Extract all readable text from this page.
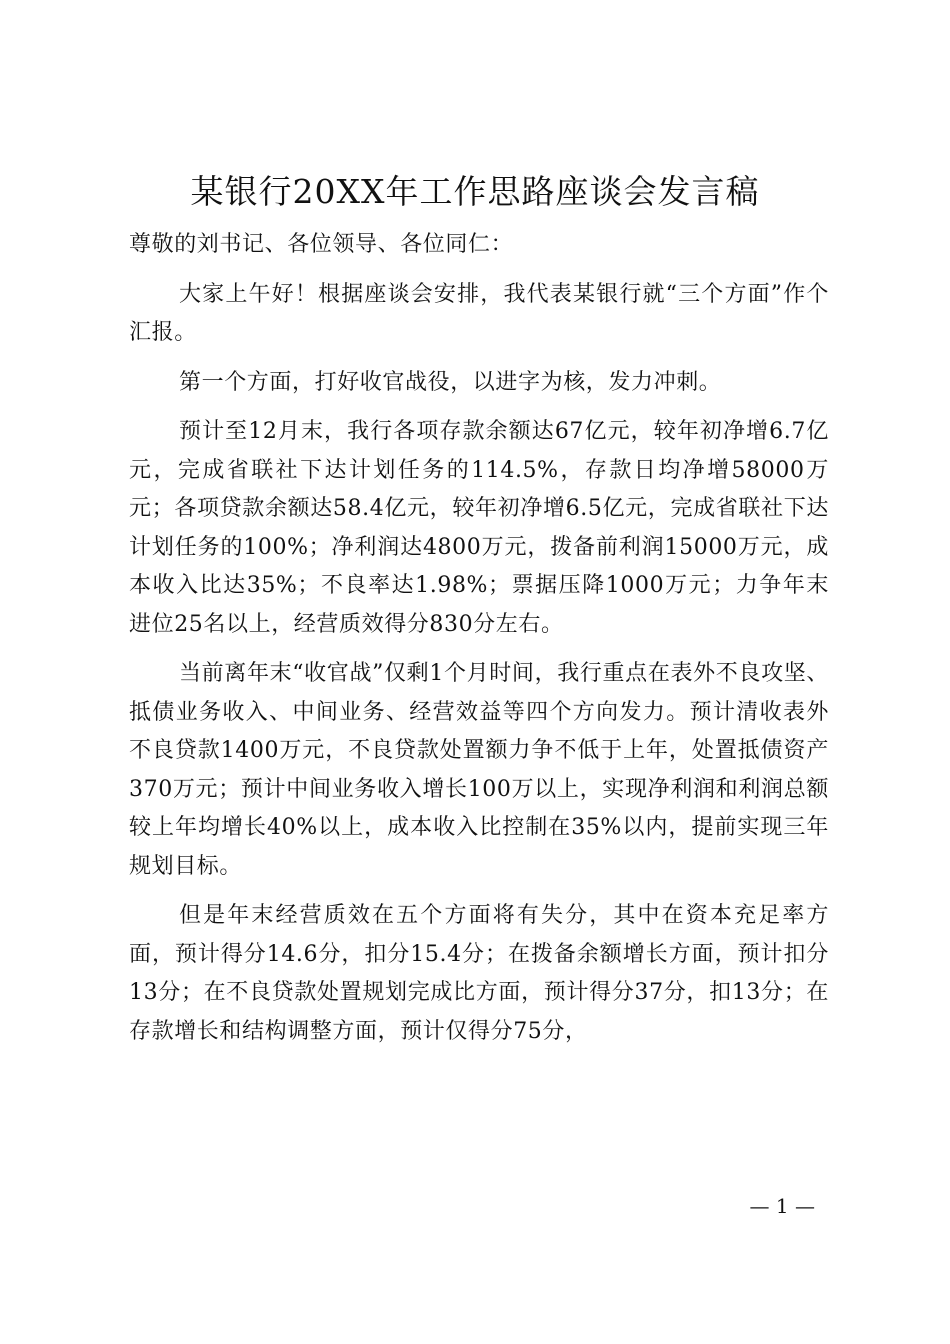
某银行20XX年工作思路座谈会发言稿

尊敬的刘书记、各位领导、各位同仁：

大家上午好！根据座谈会安排，我代表某银行就“三个方面”作个汇报。

第一个方面，打好收官战役，以进字为核，发力冲刺。

预计至12月末，我行各项存款余额达67亿元，较年初净增6.7亿元，完成省联社下达计划任务的114.5%，存款日均净增58000万元；各项贷款余额达58.4亿元，较年初净增6.5亿元，完成省联社下达计划任务的100%；净利润达4800万元，拨备前利润15000万元，成本收入比达35%；不良率达1.98%；票据压降1000万元；力争年末进位25名以上，经营质效得分830分左右。

当前离年末“收官战”仅剩1个月时间，我行重点在表外不良攻坚、抵债业务收入、中间业务、经营效益等四个方向发力。预计清收表外不良贷款1400万元，不良贷款处置额力争不低于上年，处置抵债资产370万元；预计中间业务收入增长100万以上，实现净利润和利润总额较上年均增长40%以上，成本收入比控制在35%以内，提前实现三年规划目标。

但是年末经营质效在五个方面将有失分，其中在资本充足率方面，预计得分14.6分，扣分15.4分；在拨备余额增长方面，预计扣分13分；在不良贷款处置规划完成比方面，预计得分37分，扣13分；在存款增长和结构调整方面，预计仅得分75分，

— 1 —
